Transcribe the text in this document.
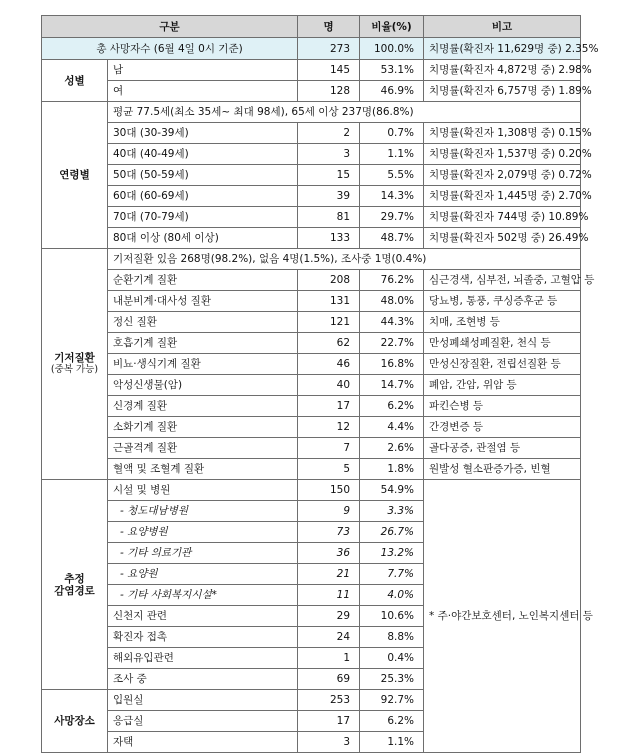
구분		명	비율(%)	비고
총 사망자수 (6월 4일 0시 기준)		273	100.0%	치명률(확진자 11,629명 중) 2.35%
성별	남	145	53.1%	치명률(확진자 4,872명 중) 2.98%
	여	128	46.9%	치명률(확진자 6,757명 중) 1.89%
연령별	평균 77.5세(최소 35세~ 최대 98세), 65세 이상 237명(86.8%)			
	30대 (30-39세)	2	0.7%	치명률(확진자 1,308명 중) 0.15%
	40대 (40-49세)	3	1.1%	치명률(확진자 1,537명 중) 0.20%
	50대 (50-59세)	15	5.5%	치명률(확진자 2,079명 중) 0.72%
	60대 (60-69세)	39	14.3%	치명률(확진자 1,445명 중) 2.70%
	70대 (70-79세)	81	29.7%	치명률(확진자 744명 중) 10.89%
	80대 이상 (80세 이상)	133	48.7%	치명률(확진자 502명 중) 26.49%

기저질환
(중복 가능)	기저질환 있음 268명(98.2%), 없음 4명(1.5%), 조사중 1명(0.4%)			
	순환기계 질환	208	76.2%	심근경색, 심부전, 뇌졸중, 고혈압 등
	내분비계·대사성 질환	131	48.0%	당뇨병, 통풍, 쿠싱증후군 등
	정신 질환	121	44.3%	치매, 조현병 등
	호흡기계 질환	62	22.7%	만성폐쇄성폐질환, 천식 등
	비뇨·생식기계 질환	46	16.8%	만성신장질환, 전립선질환 등
	악성신생물(암)	40	14.7%	폐암, 간암, 위암 등
	신경계 질환	17	6.2%	파킨슨병 등
	소화기계 질환	12	4.4%	간경변증 등
	근골격계 질환	7	2.6%	골다공증, 관절염 등
	혈액 및 조혈계 질환	5	1.8%	원발성 혈소판증가증, 빈혈

추정
감염경로	시설 및 병원	150	54.9%	* 주·야간보호센터, 노인복지센터 등
	- 청도대남병원	9	3.3%	
	- 요양병원	73	26.7%	
	- 기타 의료기관	36	13.2%	
	- 요양원	21	7.7%	
	- 기타 사회복지시설*	11	4.0%	
	신천지 관련	29	10.6%	
	확진자 접촉	24	8.8%	
	해외유입관련	1	0.4%	
	조사 중	69	25.3%	
사망장소	입원실	253	92.7%	
	응급실	17	6.2%	
	자택	3	1.1%	
